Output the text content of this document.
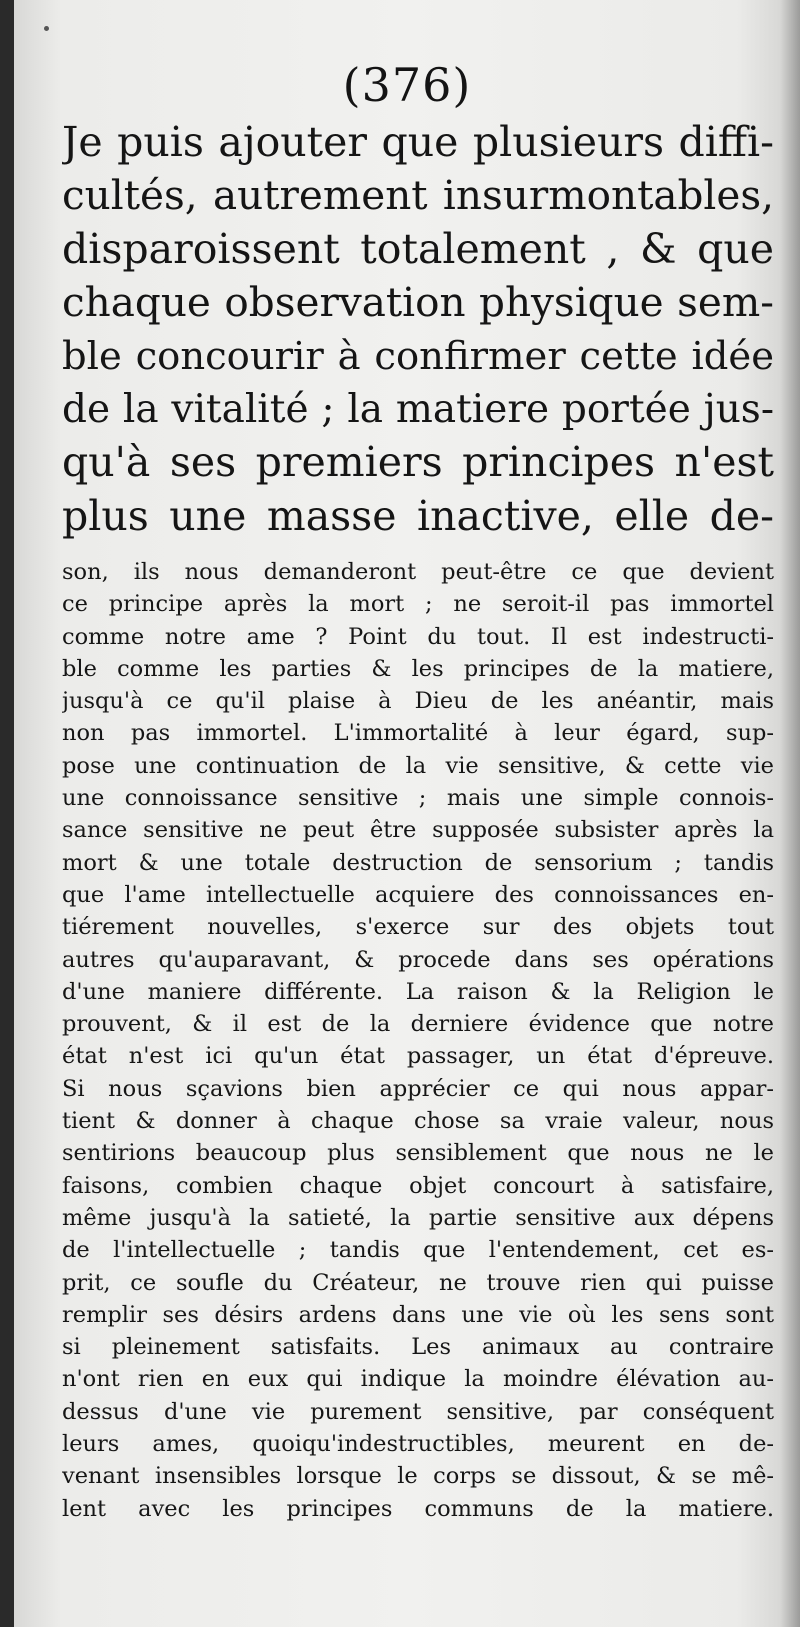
(376)
Je puis ajouter que plusieurs diffi-
cultés, autrement insurmontables,
disparoissent totalement , & que
chaque observation physique sem-
ble concourir à confirmer cette idée
de la vitalité ; la matiere portée jus-
qu'à ses premiers principes n'est
plus une masse inactive, elle de-
son, ils nous demanderont peut-être ce que devient
ce principe après la mort ; ne seroit-il pas immortel
comme notre ame ? Point du tout. Il est indestructi-
ble comme les parties & les principes de la matiere,
jusqu'à ce qu'il plaise à Dieu de les anéantir, mais
non pas immortel. L'immortalité à leur égard, sup-
pose une continuation de la vie sensitive, & cette vie
une connoissance sensitive ; mais une simple connois-
sance sensitive ne peut être supposée subsister après la
mort & une totale destruction de sensorium ; tandis
que l'ame intellectuelle acquiere des connoissances en-
tiérement nouvelles, s'exerce sur des objets tout
autres qu'auparavant, & procede dans ses opérations
d'une maniere différente. La raison & la Religion le
prouvent, & il est de la derniere évidence que notre
état n'est ici qu'un état passager, un état d'épreuve.
Si nous sçavions bien apprécier ce qui nous appar-
tient & donner à chaque chose sa vraie valeur, nous
sentirions beaucoup plus sensiblement que nous ne le
faisons, combien chaque objet concourt à satisfaire,
même jusqu'à la satieté, la partie sensitive aux dépens
de l'intellectuelle ; tandis que l'entendement, cet es-
prit, ce soufle du Créateur, ne trouve rien qui puisse
remplir ses désirs ardens dans une vie où les sens sont
si pleinement satisfaits. Les animaux au contraire
n'ont rien en eux qui indique la moindre élévation au-
dessus d'une vie purement sensitive, par conséquent
leurs ames, quoiqu'indestructibles, meurent en de-
venant insensibles lorsque le corps se dissout, & se mê-
lent avec les principes communs de la matiere.
